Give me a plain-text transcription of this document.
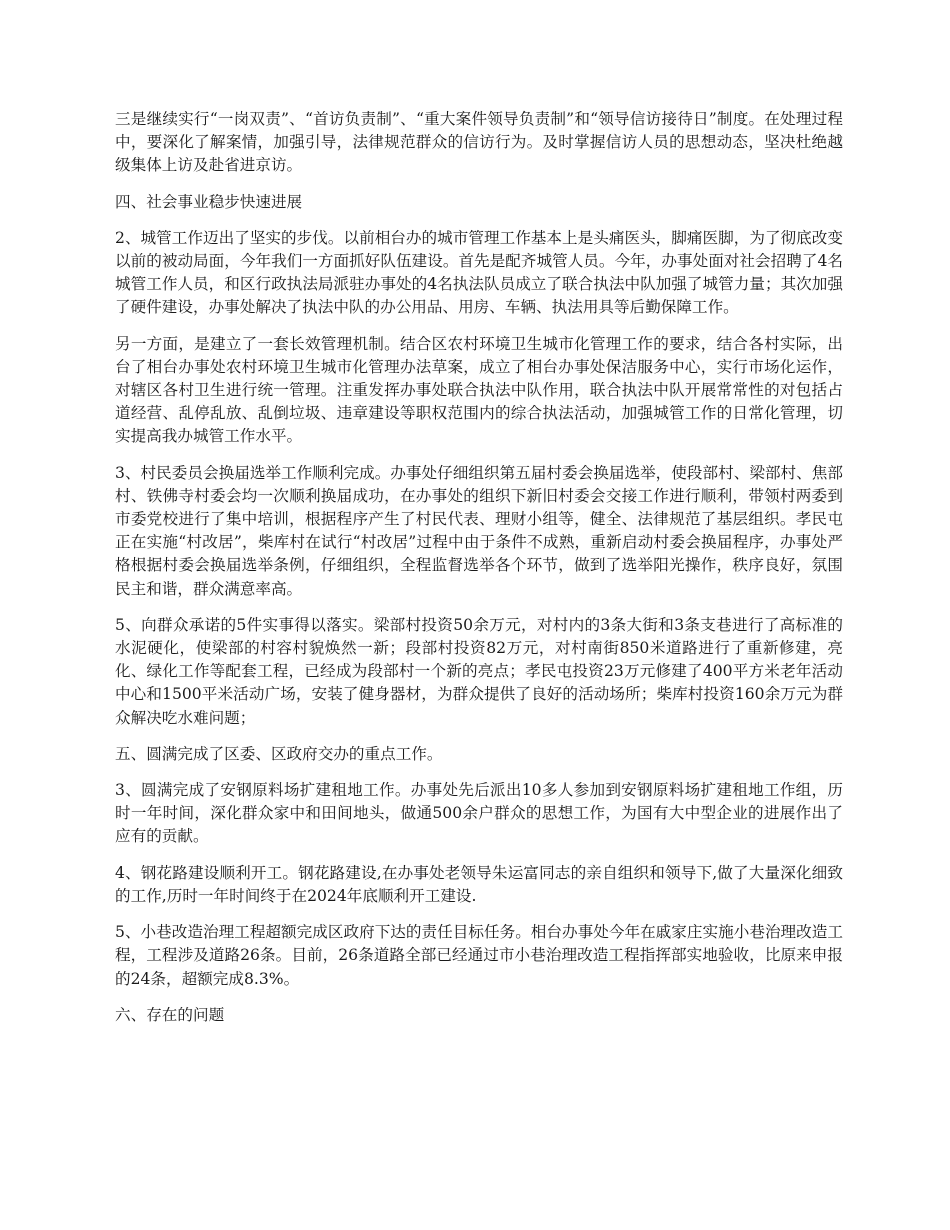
三是继续实行“一岗双责”、“首访负责制”、“重大案件领导负责制”和“领导信访接待日”制度。在处理过程中，要深化了解案情，加强引导，法律规范群众的信访行为。及时掌握信访人员的思想动态，坚决杜绝越级集体上访及赴省进京访。

四、社会事业稳步快速进展

2、城管工作迈出了坚实的步伐。以前相台办的城市管理工作基本上是头痛医头，脚痛医脚，为了彻底改变以前的被动局面，今年我们一方面抓好队伍建设。首先是配齐城管人员。今年，办事处面对社会招聘了4名城管工作人员，和区行政执法局派驻办事处的4名执法队员成立了联合执法中队加强了城管力量；其次加强了硬件建设，办事处解决了执法中队的办公用品、用房、车辆、执法用具等后勤保障工作。

另一方面，是建立了一套长效管理机制。结合区农村环境卫生城市化管理工作的要求，结合各村实际，出台了相台办事处农村环境卫生城市化管理办法草案，成立了相台办事处保洁服务中心，实行市场化运作，对辖区各村卫生进行统一管理。注重发挥办事处联合执法中队作用，联合执法中队开展常常性的对包括占道经营、乱停乱放、乱倒垃圾、违章建设等职权范围内的综合执法活动，加强城管工作的日常化管理，切实提高我办城管工作水平。

3、村民委员会换届选举工作顺利完成。办事处仔细组织第五届村委会换届选举，使段部村、梁部村、焦部村、铁佛寺村委会均一次顺利换届成功，在办事处的组织下新旧村委会交接工作进行顺利，带领村两委到市委党校进行了集中培训，根据程序产生了村民代表、理财小组等，健全、法律规范了基层组织。孝民屯正在实施“村改居”，柴库村在试行“村改居”过程中由于条件不成熟，重新启动村委会换届程序，办事处严格根据村委会换届选举条例，仔细组织，全程监督选举各个环节，做到了选举阳光操作，秩序良好，氛围民主和谐，群众满意率高。

5、向群众承诺的5件实事得以落实。梁部村投资50余万元，对村内的3条大街和3条支巷进行了高标准的水泥硬化，使梁部的村容村貌焕然一新；段部村投资82万元，对村南街850米道路进行了重新修建，亮化、绿化工作等配套工程，已经成为段部村一个新的亮点；孝民屯投资23万元修建了400平方米老年活动中心和1500平米活动广场，安装了健身器材，为群众提供了良好的活动场所；柴库村投资160余万元为群众解决吃水难问题；

五、圆满完成了区委、区政府交办的重点工作。

3、圆满完成了安钢原料场扩建租地工作。办事处先后派出10多人参加到安钢原料场扩建租地工作组，历时一年时间，深化群众家中和田间地头，做通500余户群众的思想工作，为国有大中型企业的进展作出了应有的贡献。

4、钢花路建设顺利开工。钢花路建设,在办事处老领导朱运富同志的亲自组织和领导下,做了大量深化细致的工作,历时一年时间终于在2024年底顺利开工建设.

5、小巷改造治理工程超额完成区政府下达的责任目标任务。相台办事处今年在戚家庄实施小巷治理改造工程，工程涉及道路26条。目前，26条道路全部已经通过市小巷治理改造工程指挥部实地验收，比原来申报的24条，超额完成8.3%。

六、存在的问题
